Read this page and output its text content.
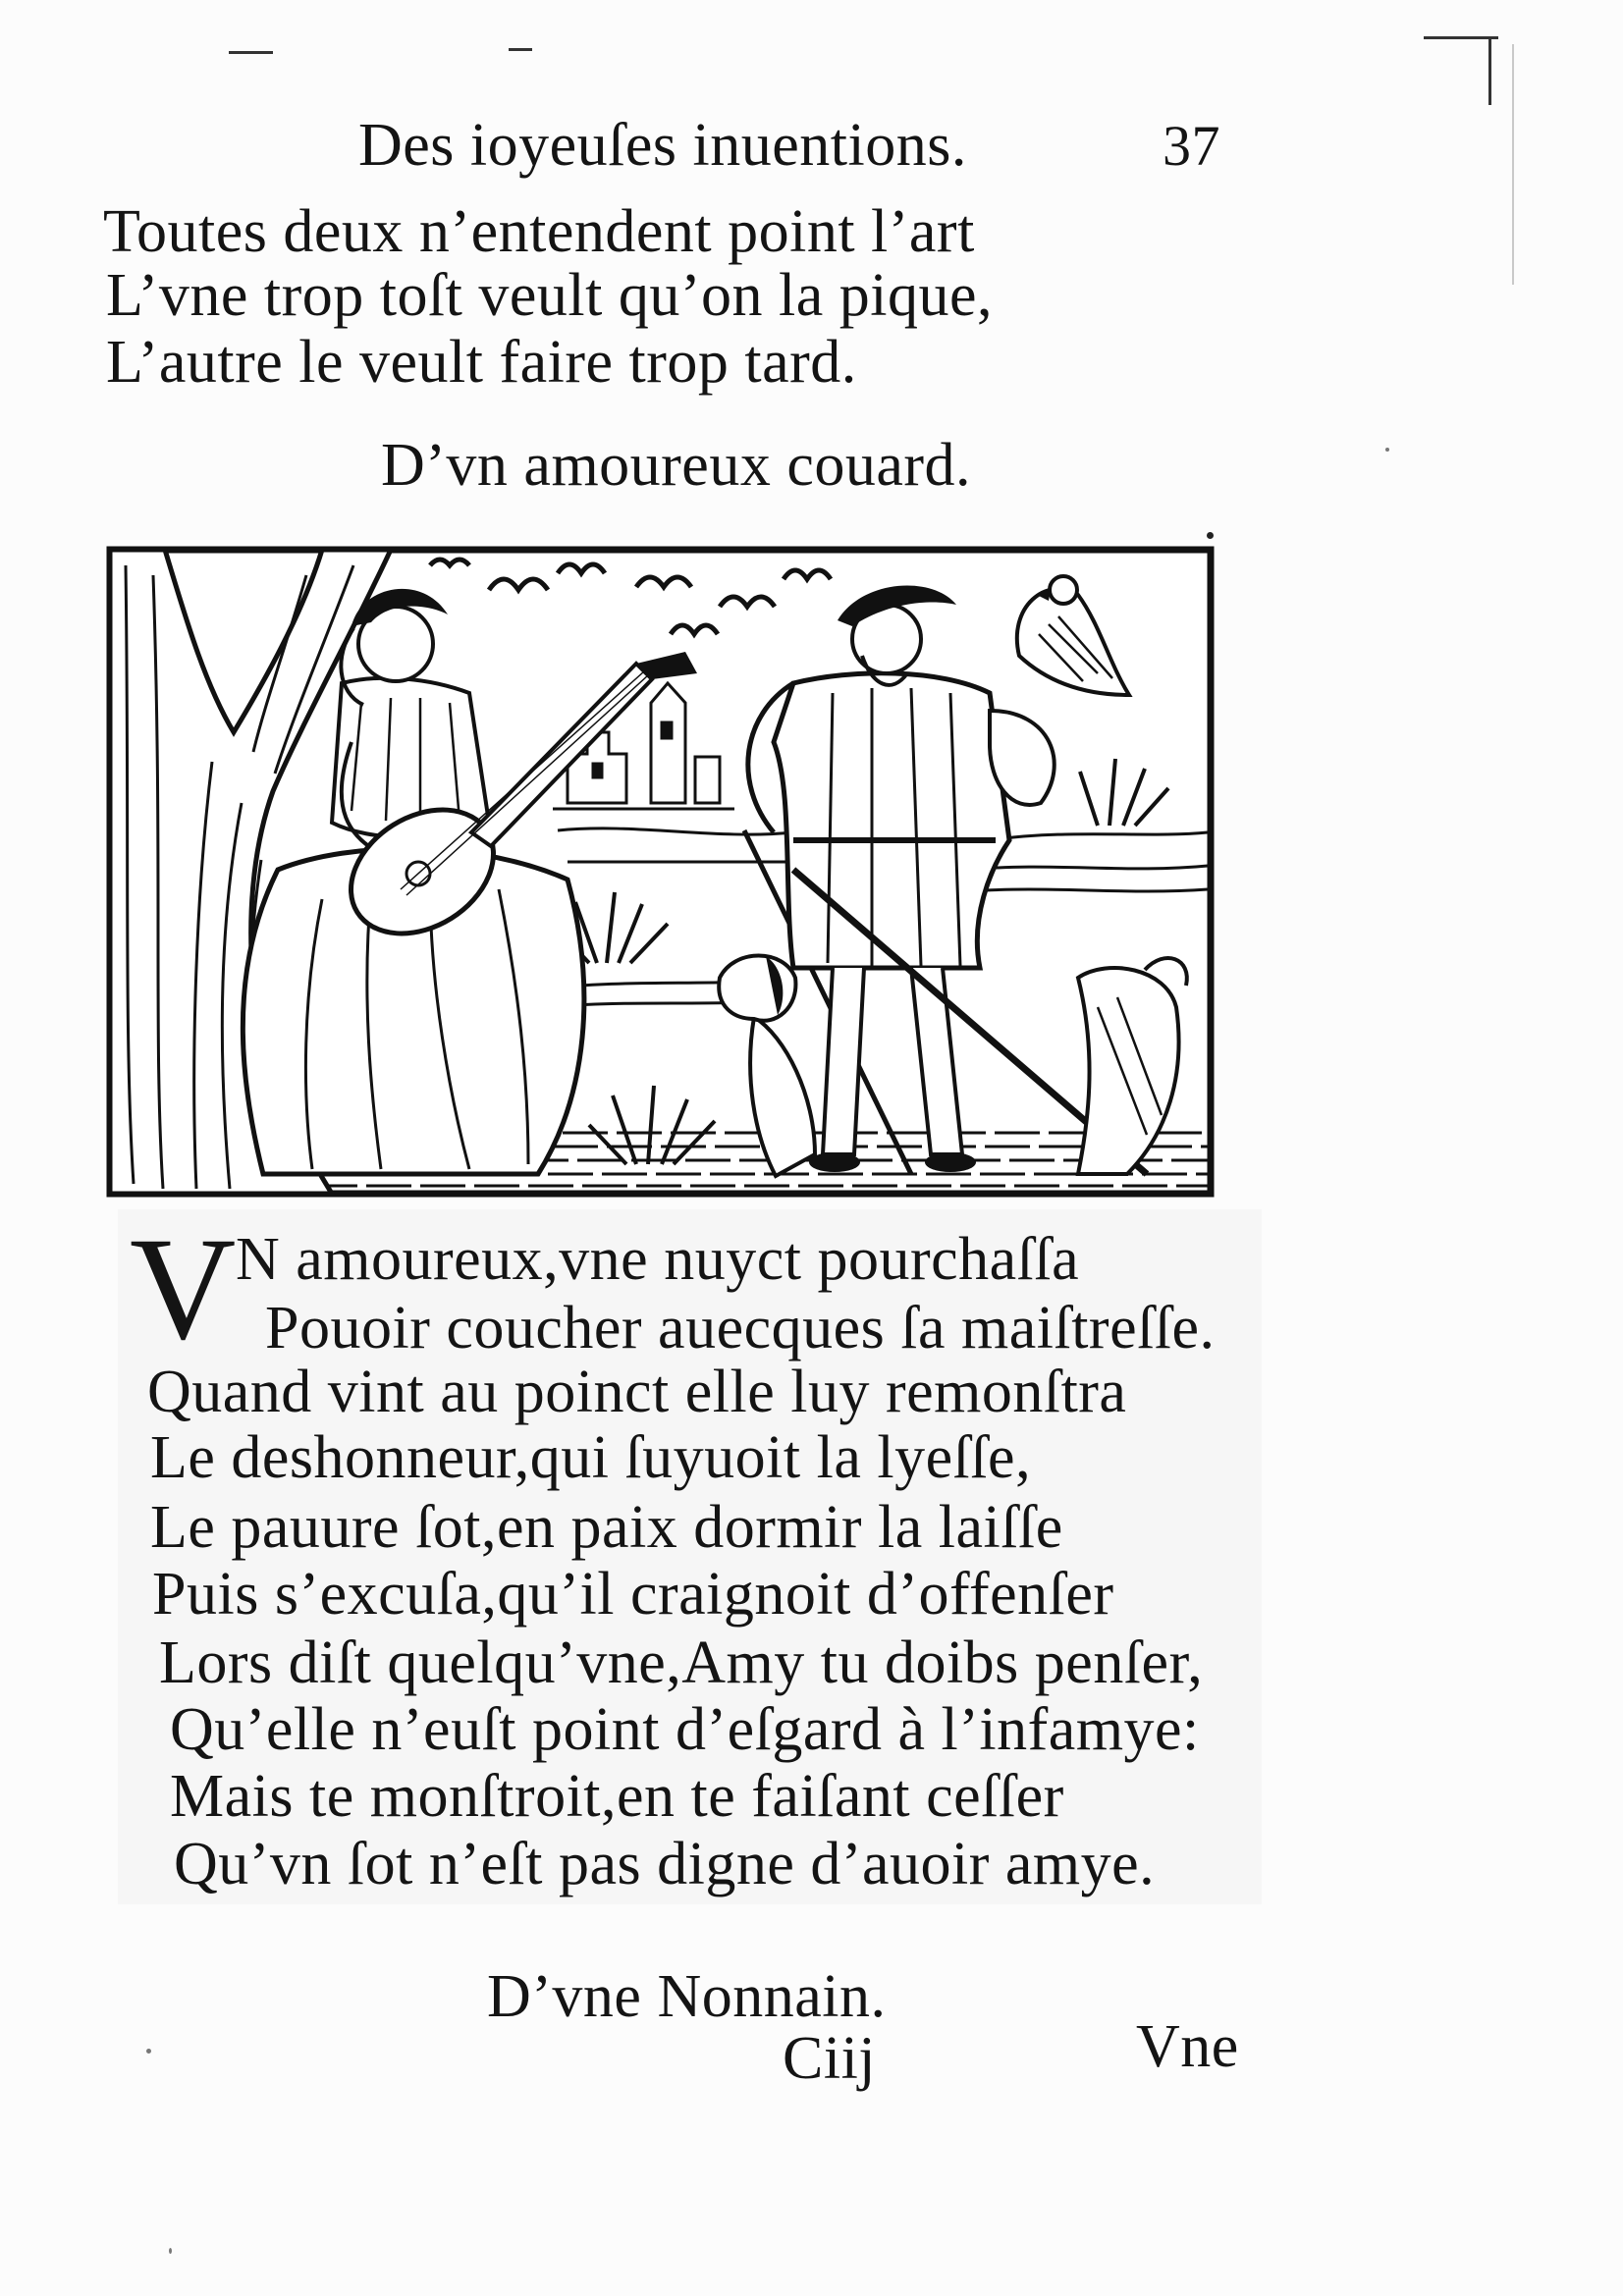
Des ioyeuſes inuentions.	37
Toutes deux n’entendent point l’art
L’vne trop toſt veult qu’on la pique,
L’autre le veult faire trop tard.
D’vn amoureux couard.
V N amoureux,vne nuyct pourchaſſa
Pouoir coucher auecques ſa maiſtreſſe.
Quand vint au poinct elle luy remonſtra
Le deshonneur,qui ſuyuoit la lyeſſe,
Le pauure ſot,en paix dormir la laiſſe
Puis s’excuſa,qu’il craignoit d’offenſer
Lors diſt quelqu’vne,Amy tu doibs penſer,
Qu’elle n’euſt point d’eſgard à l’infamye:
Mais te monſtroit,en te faiſant ceſſer
Qu’vn ſot n’eſt pas digne d’auoir amye.
D’vne Nonnain.
Ciij	Vne
